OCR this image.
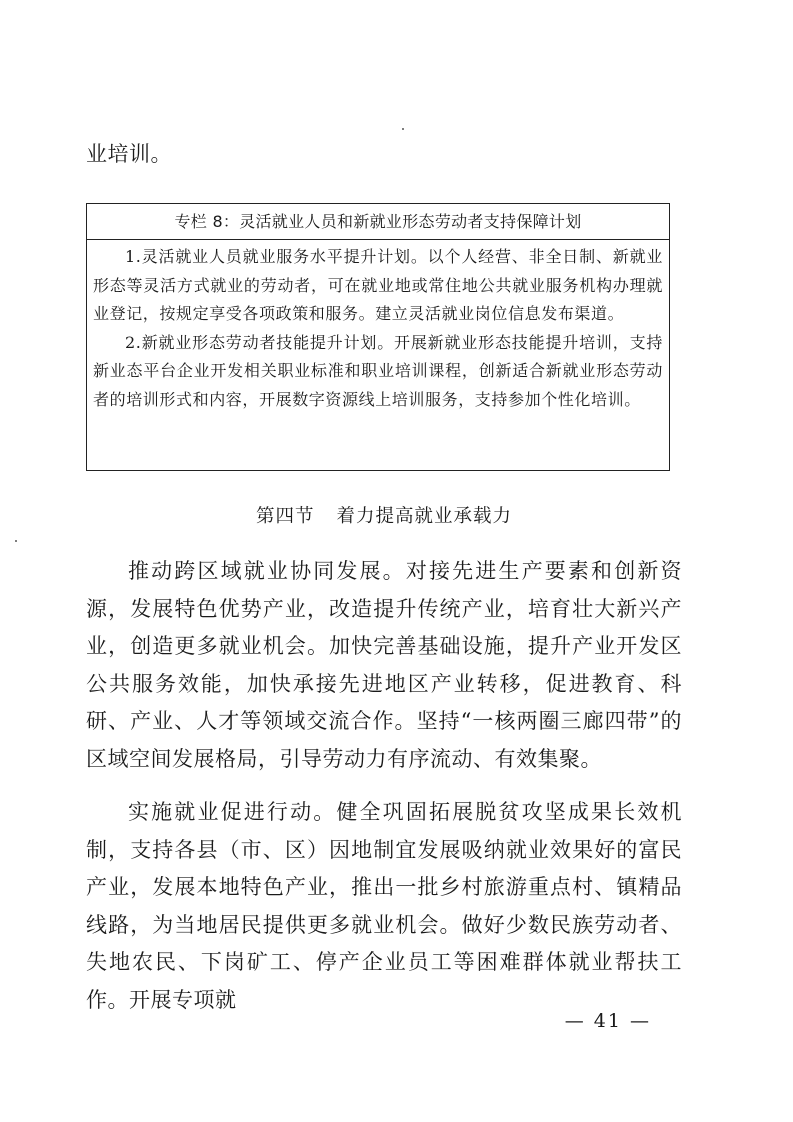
业培训。

专栏 8：灵活就业人员和新就业形态劳动者支持保障计划

1.灵活就业人员就业服务水平提升计划。以个人经营、非全日制、新就业形态等灵活方式就业的劳动者，可在就业地或常住地公共就业服务机构办理就业登记，按规定享受各项政策和服务。建立灵活就业岗位信息发布渠道。

2.新就业形态劳动者技能提升计划。开展新就业形态技能提升培训，支持新业态平台企业开发相关职业标准和职业培训课程，创新适合新就业形态劳动者的培训形式和内容，开展数字资源线上培训服务，支持参加个性化培训。

第四节 着力提高就业承载力

推动跨区域就业协同发展。对接先进生产要素和创新资源，发展特色优势产业，改造提升传统产业，培育壮大新兴产业，创造更多就业机会。加快完善基础设施，提升产业开发区公共服务效能，加快承接先进地区产业转移，促进教育、科研、产业、人才等领域交流合作。坚持“一核两圈三廊四带”的区域空间发展格局，引导劳动力有序流动、有效集聚。

实施就业促进行动。健全巩固拓展脱贫攻坚成果长效机制，支持各县（市、区）因地制宜发展吸纳就业效果好的富民产业，发展本地特色产业，推出一批乡村旅游重点村、镇精品线路，为当地居民提供更多就业机会。做好少数民族劳动者、失地农民、下岗矿工、停产企业员工等困难群体就业帮扶工作。开展专项就

— 41 —
